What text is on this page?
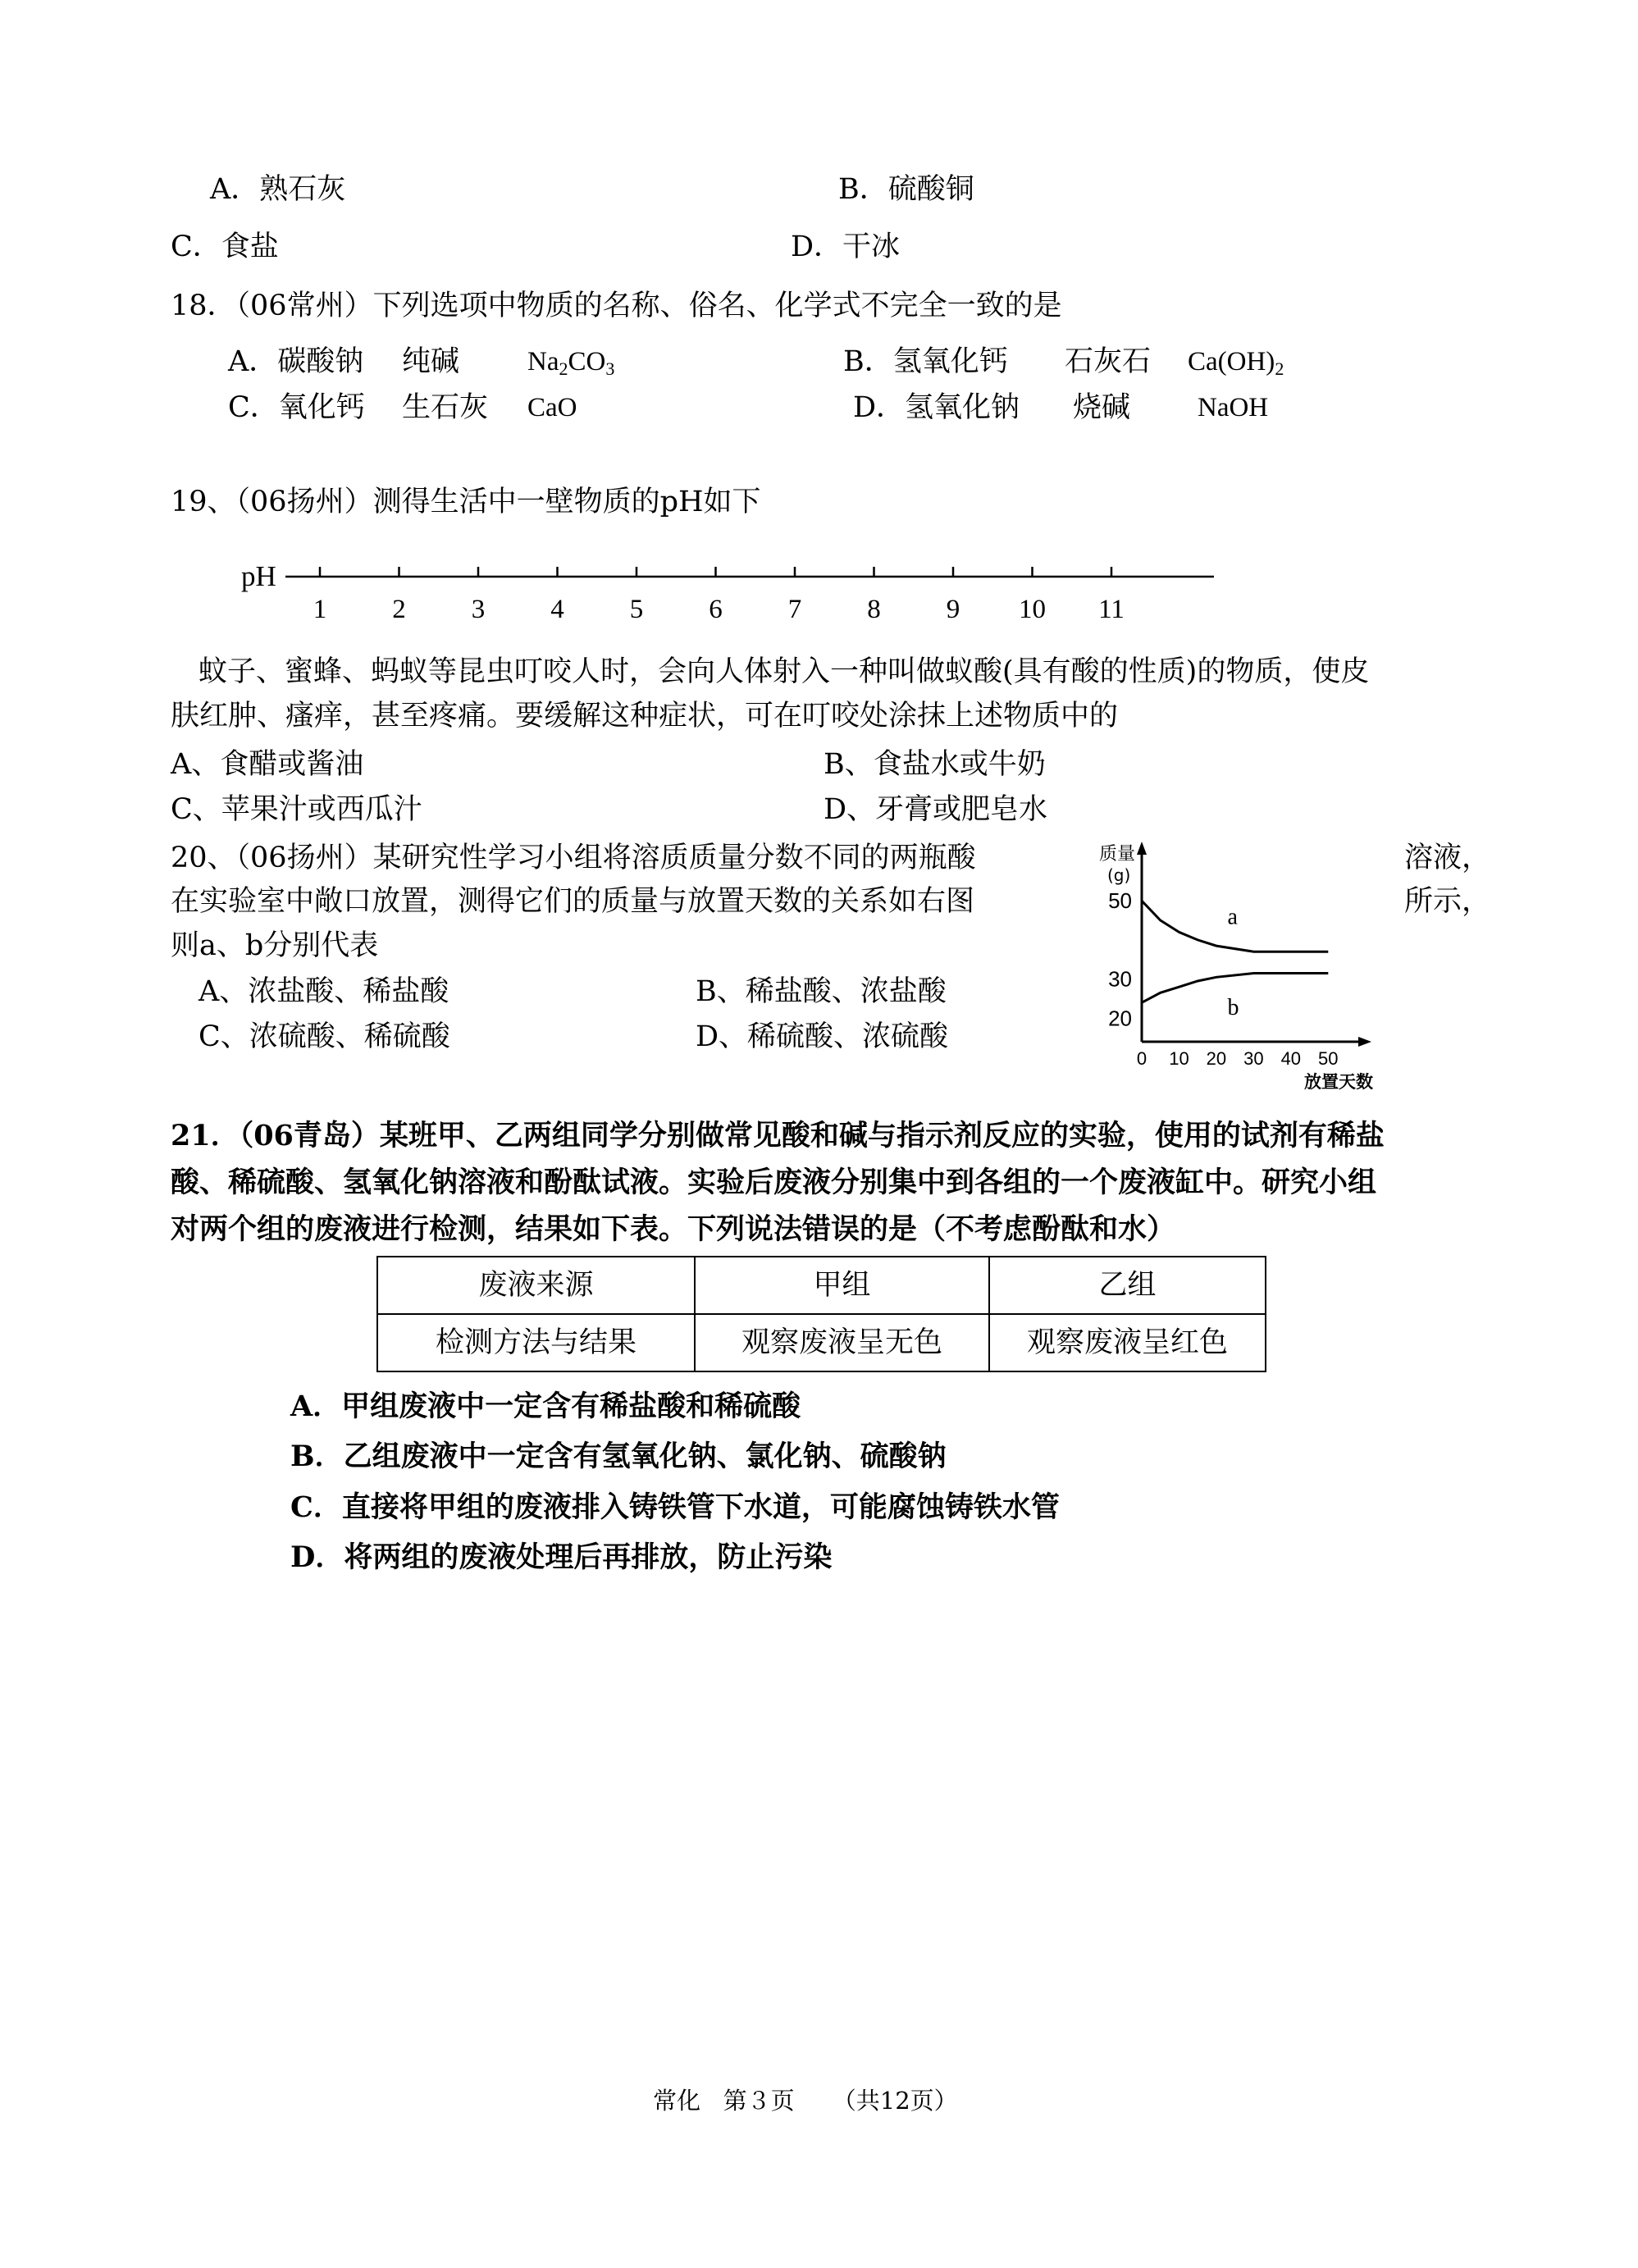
A．熟石灰	B．硫酸铜
C．食盐	D．干冰
18．（06常州）下列选项中物质的名称、俗名、化学式不完全一致的是
A．碳酸钠 纯碱	$Na_2CO_3$	B．氢氧化钙 石灰石 $Ca(OH)_2$
C．氧化钙 生石灰 CaO	D．氢氧化钠 烧碱 NaOH
19、（06扬州）测得生活中一壁物质的pH如下
pH
1 2 3 4 5 6 7 8 9 10 11
蚊子、蜜蜂、蚂蚁等昆虫叮咬人时，会向人体射入一种叫做蚁酸(具有酸的性质)的物质，使皮
肤红肿、瘙痒，甚至疼痛。要缓解这种症状，可在叮咬处涂抹上述物质中的
A、食醋或酱油	B、食盐水或牛奶
C、苹果汁或西瓜汁	D、牙膏或肥皂水
20、（06扬州）某研究性学习小组将溶质质量分数不同的两瓶酸	溶液，
在实验室中敞口放置，测得它们的质量与放置天数的关系如右图	所示，
则a、b分别代表
A、浓盐酸、稀盐酸	B、稀盐酸、浓盐酸
C、浓硫酸、稀硫酸	D、稀硫酸、浓硫酸
质量
(g)
50
30
20
0 10 20 30 40 50
放置天数
a
b
21．（06青岛）某班甲、乙两组同学分别做常见酸和碱与指示剂反应的实验，使用的试剂有稀盐
酸、稀硫酸、氢氧化钠溶液和酚酞试液。实验后废液分别集中到各组的一个废液缸中。研究小组
对两个组的废液进行检测，结果如下表。下列说法错误的是（不考虑酚酞和水）
废液来源	甲组	乙组
检测方法与结果	观察废液呈无色	观察废液呈红色
A．甲组废液中一定含有稀盐酸和稀硫酸
B．乙组废液中一定含有氢氧化钠、氯化钠、硫酸钠
C．直接将甲组的废液排入铸铁管下水道，可能腐蚀铸铁水管
D．将两组的废液处理后再排放，防止污染
常化 第３页 （共12页）
